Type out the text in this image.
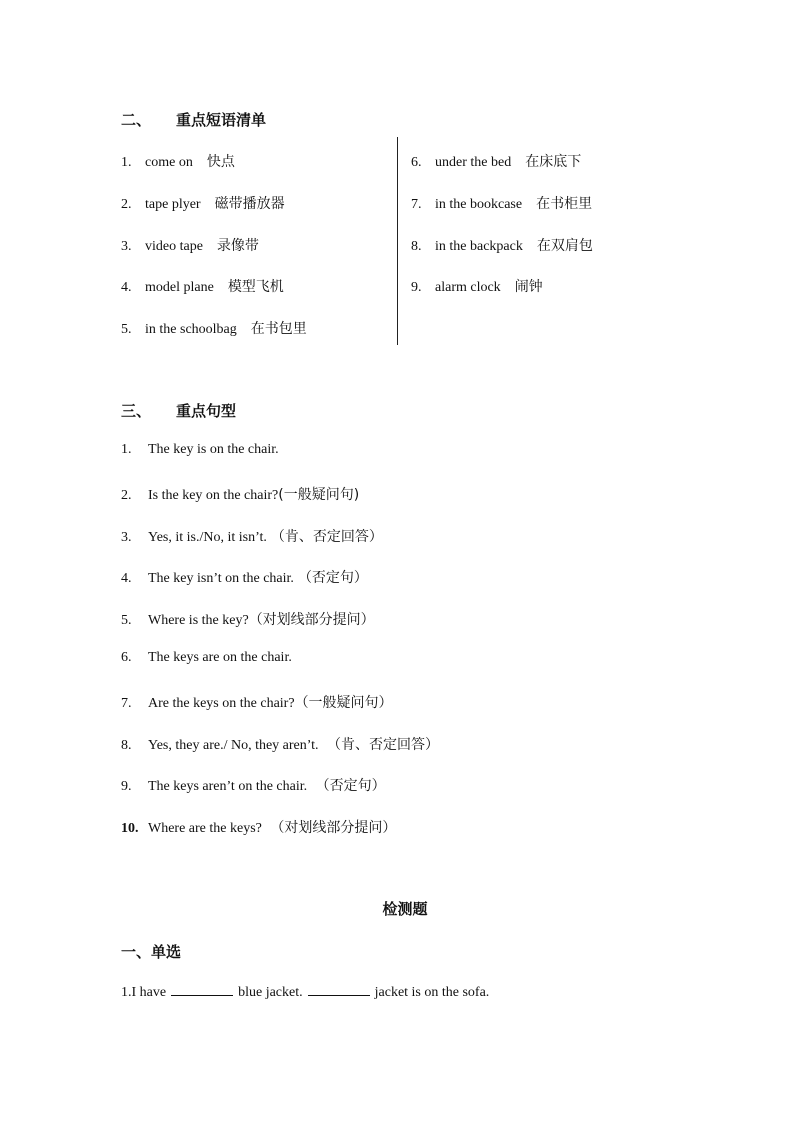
二、 重点短语清单
1. come on 快点
2. tape plyer 磁带播放器
3. video tape 录像带
4. model plane 模型飞机
5. in the schoolbag 在书包里
6. under the bed 在床底下
7. in the bookcase 在书柜里
8. in the backpack 在双肩包
9. alarm clock 闹钟
三、 重点句型
1. The key is on the chair.
2. Is the key on the chair?(一般疑问句)
3. Yes, it is./No, it isn’t. （肯、否定回答）
4. The key isn’t on the chair. （否定句）
5. Where is the key?（对划线部分提问）
6. The keys are on the chair.
7. Are the keys on the chair?（一般疑问句）
8. Yes, they are./ No, they aren’t. （肯、否定回答）
9. The keys aren’t on the chair. （否定句）
10. Where are the keys? （对划线部分提问）
检测题
一、单选
1.I have	blue jacket.	jacket is on the sofa.
